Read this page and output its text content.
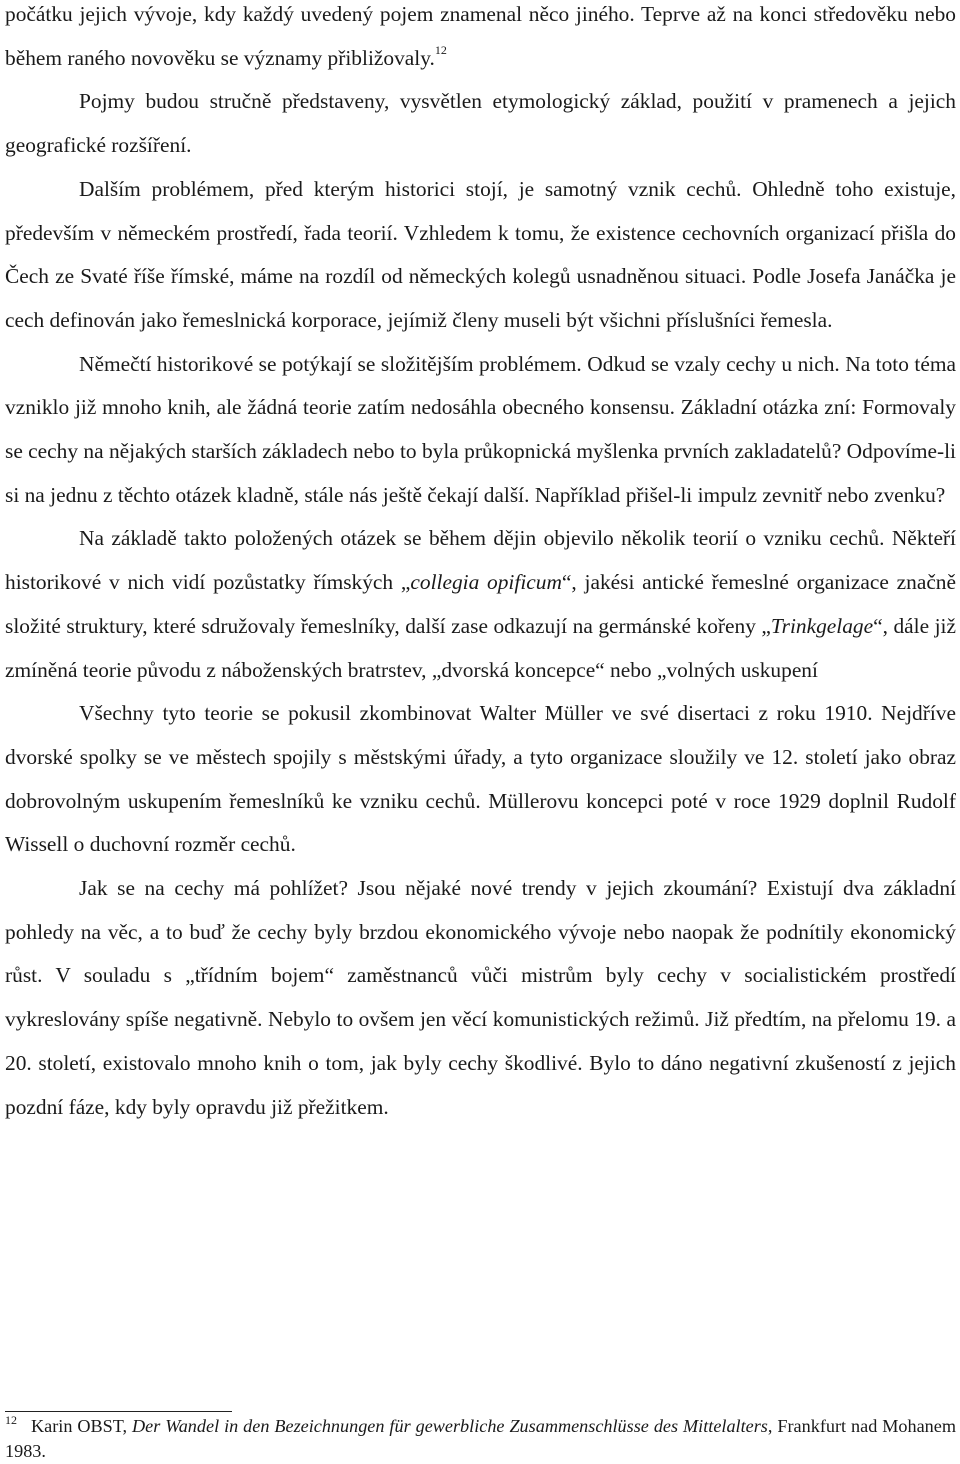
počátku jejich vývoje, kdy každý uvedený pojem znamenal něco jiného. Teprve až na konci středověku nebo během raného novověku se významy přibližovaly.$^{12}$

Pojmy budou stručně představeny, vysvětlen etymologický základ, použití v pramenech a jejich geografické rozšíření.

Dalším problémem, před kterým historici stojí, je samotný vznik cechů. Ohledně toho existuje, především v německém prostředí, řada teorií. Vzhledem k tomu, že existence cechovních organizací přišla do Čech ze Svaté říše římské, máme na rozdíl od německých kolegů usnadněnou situaci. Podle Josefa Janáčka je cech definován jako řemeslnická korporace, jejímiž členy museli být všichni příslušníci řemesla.

Němečtí historikové se potýkají se složitějším problémem. Odkud se vzaly cechy u nich. Na toto téma vzniklo již mnoho knih, ale žádná teorie zatím nedosáhla obecného konsensu. Základní otázka zní: Formovaly se cechy na nějakých starších základech nebo to byla průkopnická myšlenka prvních zakladatelů? Odpovíme-li si na jednu z těchto otázek kladně, stále nás ještě čekají další. Například přišel-li impulz zevnitř nebo zvenku?

Na základě takto položených otázek se během dějin objevilo několik teorií o vzniku cechů. Někteří historikové v nich vidí pozůstatky římských „collegia opificum“, jakési antické řemeslné organizace značně složité struktury, které sdružovaly řemeslníky, další zase odkazují na germánské kořeny „Trinkgelage“, dále již zmíněná teorie původu z náboženských bratrstev, „dvorská koncepce“ nebo „volných uskupení

Všechny tyto teorie se pokusil zkombinovat Walter Müller ve své disertaci z roku 1910. Nejdříve dvorské spolky se ve městech spojily s městskými úřady, a tyto organizace sloužily ve 12. století jako obraz dobrovolným uskupením řemeslníků ke vzniku cechů. Müllerovu koncepci poté v roce 1929 doplnil Rudolf Wissell o duchovní rozměr cechů.

Jak se na cechy má pohlížet? Jsou nějaké nové trendy v jejich zkoumání? Existují dva základní pohledy na věc, a to buď že cechy byly brzdou ekonomického vývoje nebo naopak že podnítily ekonomický růst. V souladu s „třídním bojem“ zaměstnanců vůči mistrům byly cechy v socialistickém prostředí vykreslovány spíše negativně. Nebylo to ovšem jen věcí komunistických režimů. Již předtím, na přelomu 19. a 20. století, existovalo mnoho knih o tom, jak byly cechy škodlivé. Bylo to dáno negativní zkušeností z jejich pozdní fáze, kdy byly opravdu již přežitkem.

$^{12}$ Karin OBST, Der Wandel in den Bezeichnungen für gewerbliche Zusammenschlüsse des Mittelalters, Frankfurt nad Mohanem 1983.
